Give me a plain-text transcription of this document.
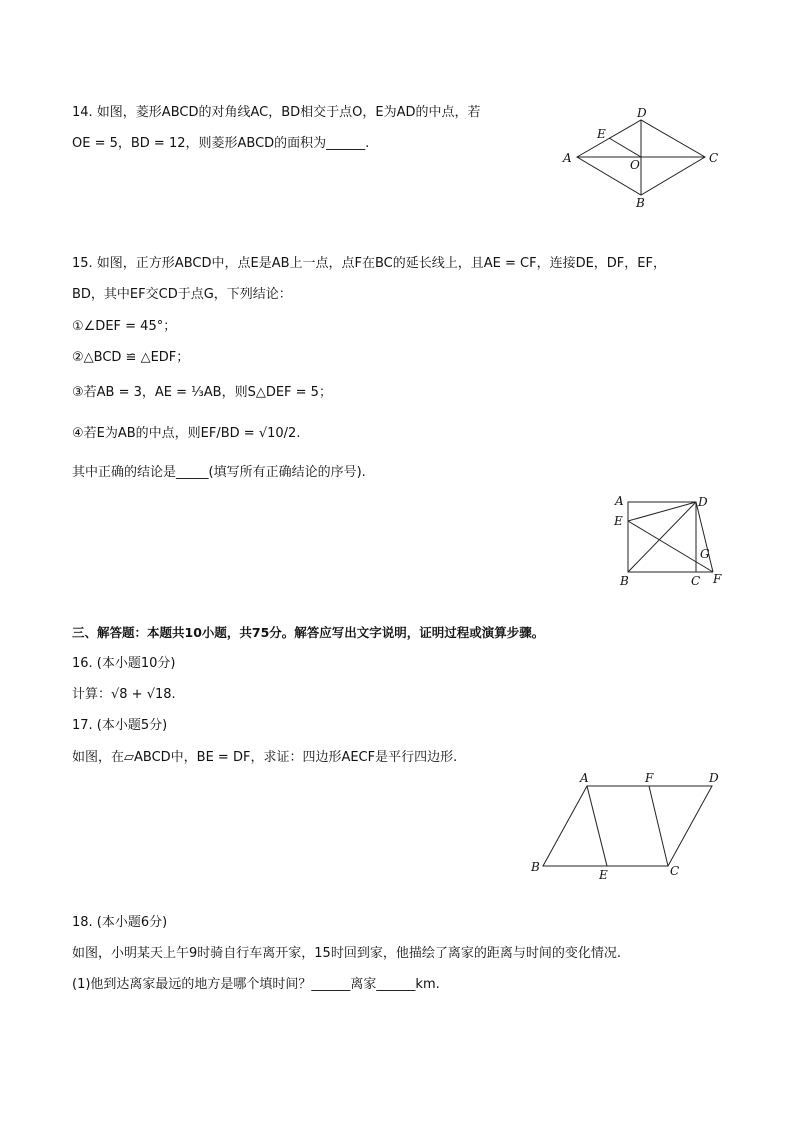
14. 如图，菱形ABCD的对角线AC，BD相交于点O，E为AD的中点，若
OE = 5，BD = 12，则菱形ABCD的面积为______.
D
E
A	O	C
B
15. 如图，正方形ABCD中，点E是AB上一点，点F在BC的延长线上，且AE = CF，连接DE，DF，EF，
BD，其中EF交CD于点G，下列结论：
①∠DEF = 45°；
②△BCD ≌ △EDF；
③若AB = 3，AE = ⅓AB，则S△DEF = 5；
④若E为AB的中点，则EF/BD = √10/2.
其中正确的结论是_____(填写所有正确结论的序号).
A	D
E
G
B	C F
三、解答题：本题共10小题，共75分。解答应写出文字说明，证明过程或演算步骤。
16. (本小题10分)
计算：√8 + √18.
17. (本小题5分)
如图，在▱ABCD中，BE = DF，求证：四边形AECF是平行四边形.
A	F	D
B
E	C
18. (本小题6分)
如图，小明某天上午9时骑自行车离开家，15时回到家，他描绘了离家的距离与时间的变化情况.
(1)他到达离家最远的地方是哪个填时间？______离家______km.
